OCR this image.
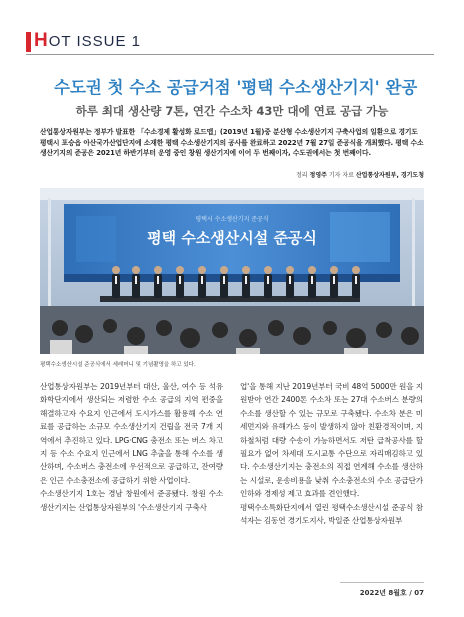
HOT ISSUE 1
수도권 첫 수소 공급거점 '평택 수소생산기지' 완공
하루 최대 생산량 7톤, 연간 수소차 43만 대에 연료 공급 가능
산업통상자원부는 정부가 발표한 「수소경제 활성화 로드맵」(2019년 1월)중 분산형 수소생산기지 구축사업의 일환으로 경기도 평택시 포승읍 아산국가산업단지에 소재한 평택 수소생산기지의 공사를 완료하고 2022년 7월 27일 준공식을 개최했다. 평택 수소생산기지의 준공은 2021년 하반기부터 운영 중인 창원 생산기지에 이어 두 번째이자, 수도권에서는 첫 번째이다.
정리 정영주 기자 자료 산업통상자원부, 경기도청
평택시 수소생산기지 준공식
평택 수소생산시설 준공식
평택수소생산시설 준공식에서 세레머니 및 기념촬영을 하고 있다.

산업통상자원부는 2019년부터 대산, 울산, 여수 등 석유화학단지에서 생산되는 저렴한 수소 공급의 지역 편중을 해결하고자 수요지 인근에서 도시가스를 활용해 수소 연료를 공급하는 소규모 수소생산기지 건립을 전국 7개 지역에서 추진하고 있다. LPG·CNG 충전소 또는 버스 차고지 등 수소 수요지 인근에서 LNG 추출을 통해 수소를 생산하며, 수소버스 충전소에 우선적으로 공급하고, 잔여량은 인근 수소충전소에 공급하기 위한 사업이다.

수소생산기지 1호는 경남 창원에서 준공됐다. 창원 수소생산기지는 산업통상자원부의 '수소생산기지 구축사

업'을 통해 지난 2019년부터 국비 48억 5000만 원을 지원받아 연간 2400톤 수소차 또는 27대 수소버스 분량의 수소를 생산할 수 있는 규모로 구축됐다. 수소차 분은 미세먼지와 유해가스 등이 발생하지 않아 친환경적이며, 지하철처럼 대량 수송이 가능하면서도 저탄 급착공사를 할 필요가 없어 차세대 도시교통 수단으로 자리매김하고 있다. 수소생산기지는 충전소의 직접 연계해 수소를 생산하는 시설로, 운송비용을 낮춰 수소충전소의 수소 공급단가 인하와 경제성 제고 효과를 견인했다.

평택수소특화단지에서 열린 평택수소생산시설 준공식 참석자는 김동연 경기도지사, 박일준 산업통상자원부

2022년 8월호 / 07
